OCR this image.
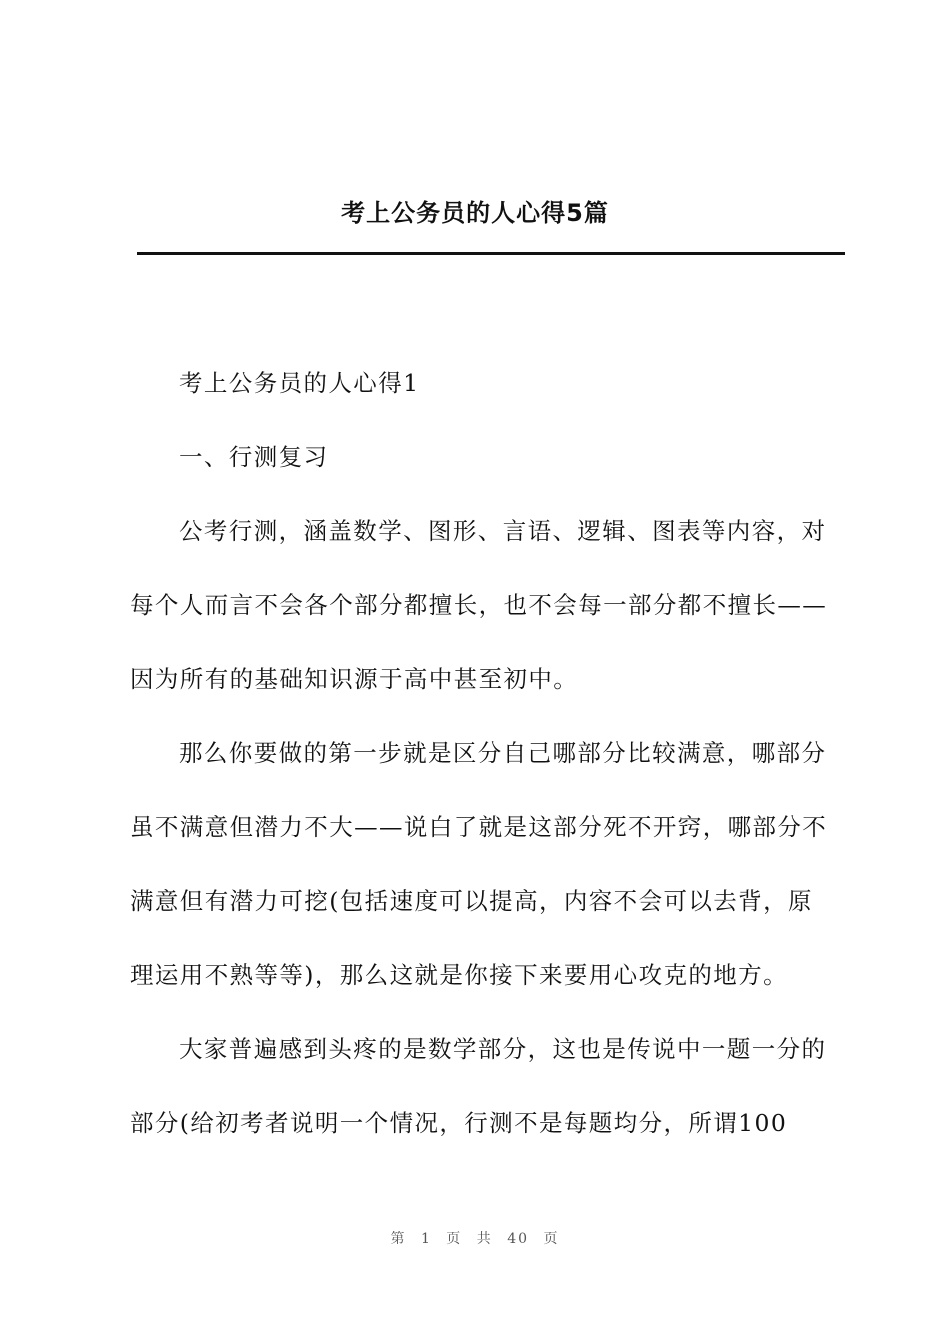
考上公务员的人心得5篇
考上公务员的人心得1
一、行测复习
公考行测，涵盖数学、图形、言语、逻辑、图表等内容，对
每个人而言不会各个部分都擅长，也不会每一部分都不擅长——
因为所有的基础知识源于高中甚至初中。
那么你要做的第一步就是区分自己哪部分比较满意，哪部分
虽不满意但潜力不大——说白了就是这部分死不开窍，哪部分不
满意但有潜力可挖(包括速度可以提高，内容不会可以去背，原
理运用不熟等等)，那么这就是你接下来要用心攻克的地方。
大家普遍感到头疼的是数学部分，这也是传说中一题一分的
部分(给初考者说明一个情况，行测不是每题均分，所谓100
第 1 页 共 40 页
